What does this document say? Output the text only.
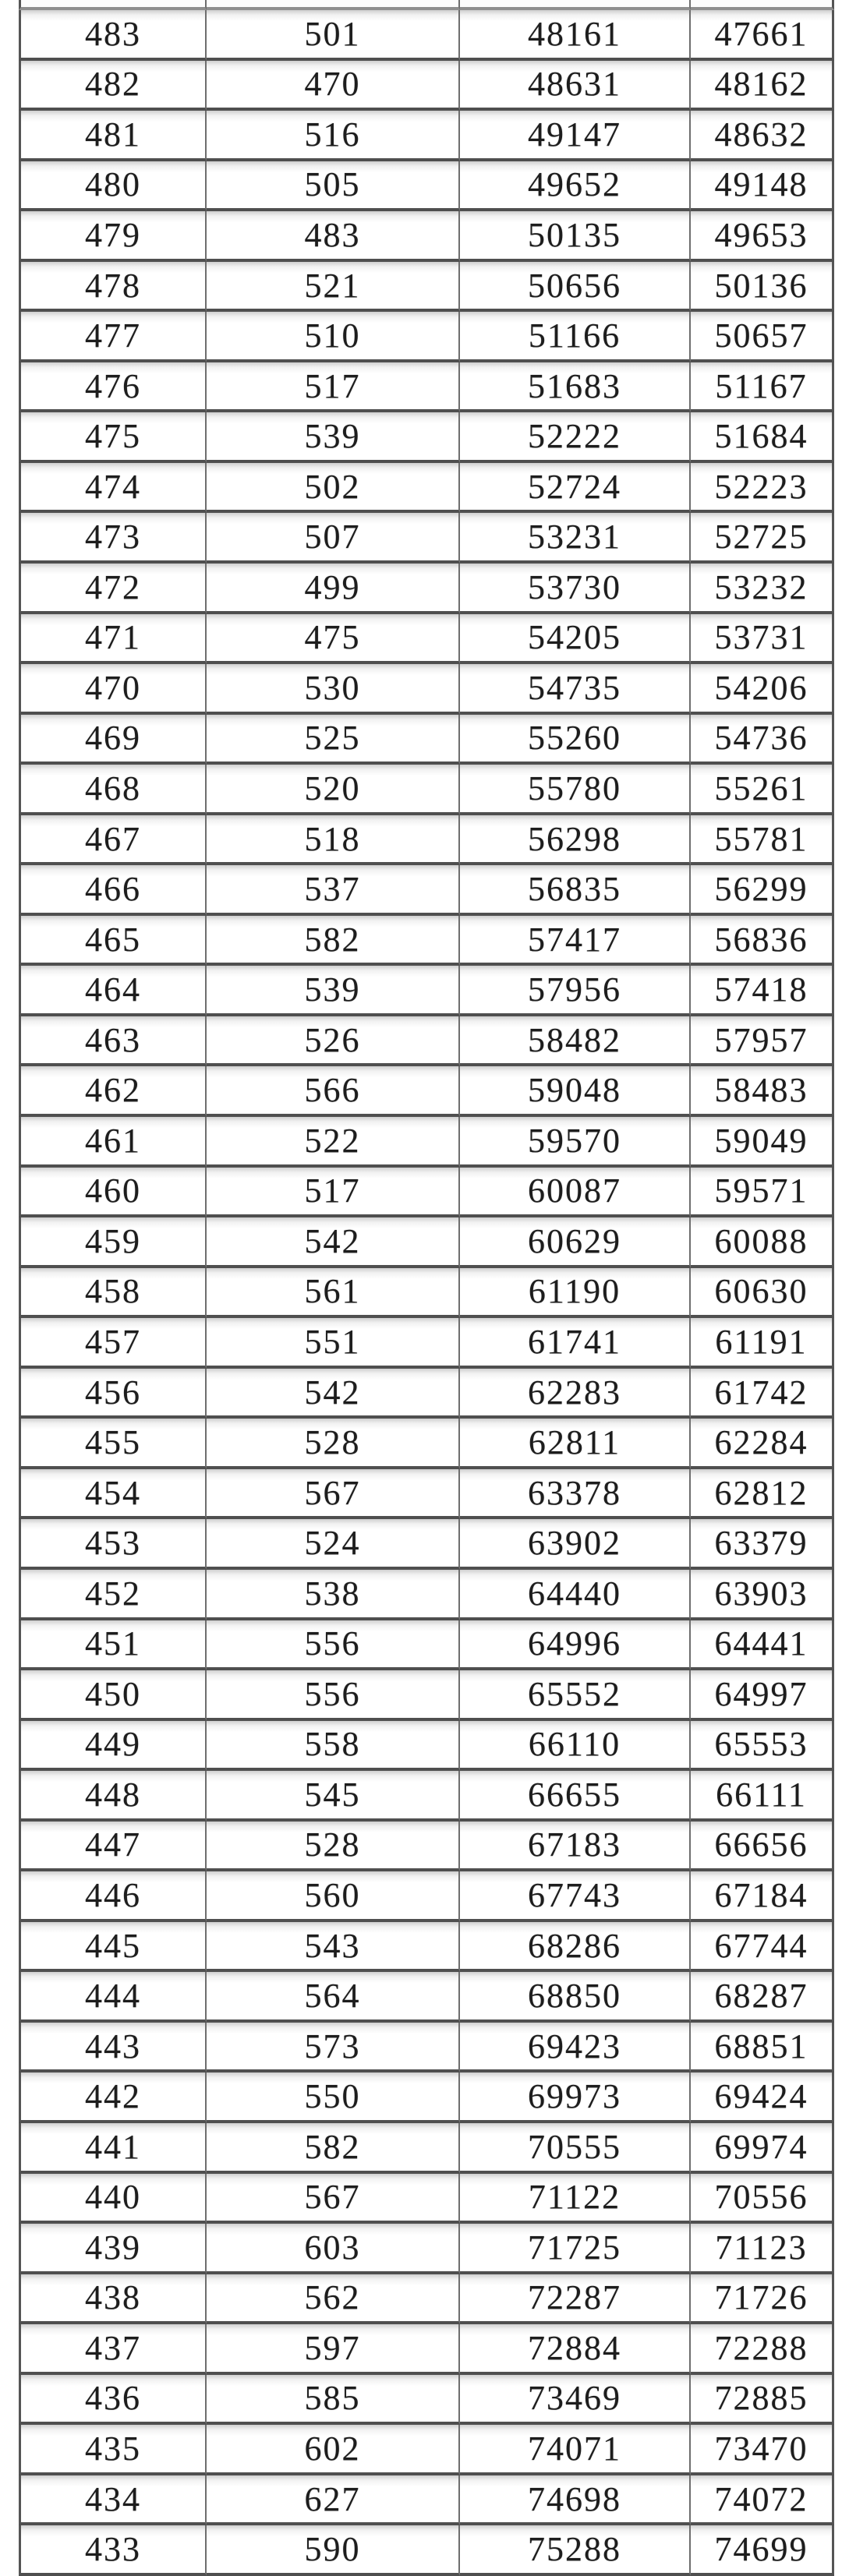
483	501	48161	47661
482	470	48631	48162
481	516	49147	48632
480	505	49652	49148
479	483	50135	49653
478	521	50656	50136
477	510	51166	50657
476	517	51683	51167
475	539	52222	51684
474	502	52724	52223
473	507	53231	52725
472	499	53730	53232
471	475	54205	53731
470	530	54735	54206
469	525	55260	54736
468	520	55780	55261
467	518	56298	55781
466	537	56835	56299
465	582	57417	56836
464	539	57956	57418
463	526	58482	57957
462	566	59048	58483
461	522	59570	59049
460	517	60087	59571
459	542	60629	60088
458	561	61190	60630
457	551	61741	61191
456	542	62283	61742
455	528	62811	62284
454	567	63378	62812
453	524	63902	63379
452	538	64440	63903
451	556	64996	64441
450	556	65552	64997
449	558	66110	65553
448	545	66655	66111
447	528	67183	66656
446	560	67743	67184
445	543	68286	67744
444	564	68850	68287
443	573	69423	68851
442	550	69973	69424
441	582	70555	69974
440	567	71122	70556
439	603	71725	71123
438	562	72287	71726
437	597	72884	72288
436	585	73469	72885
435	602	74071	73470
434	627	74698	74072
433	590	75288	74699
